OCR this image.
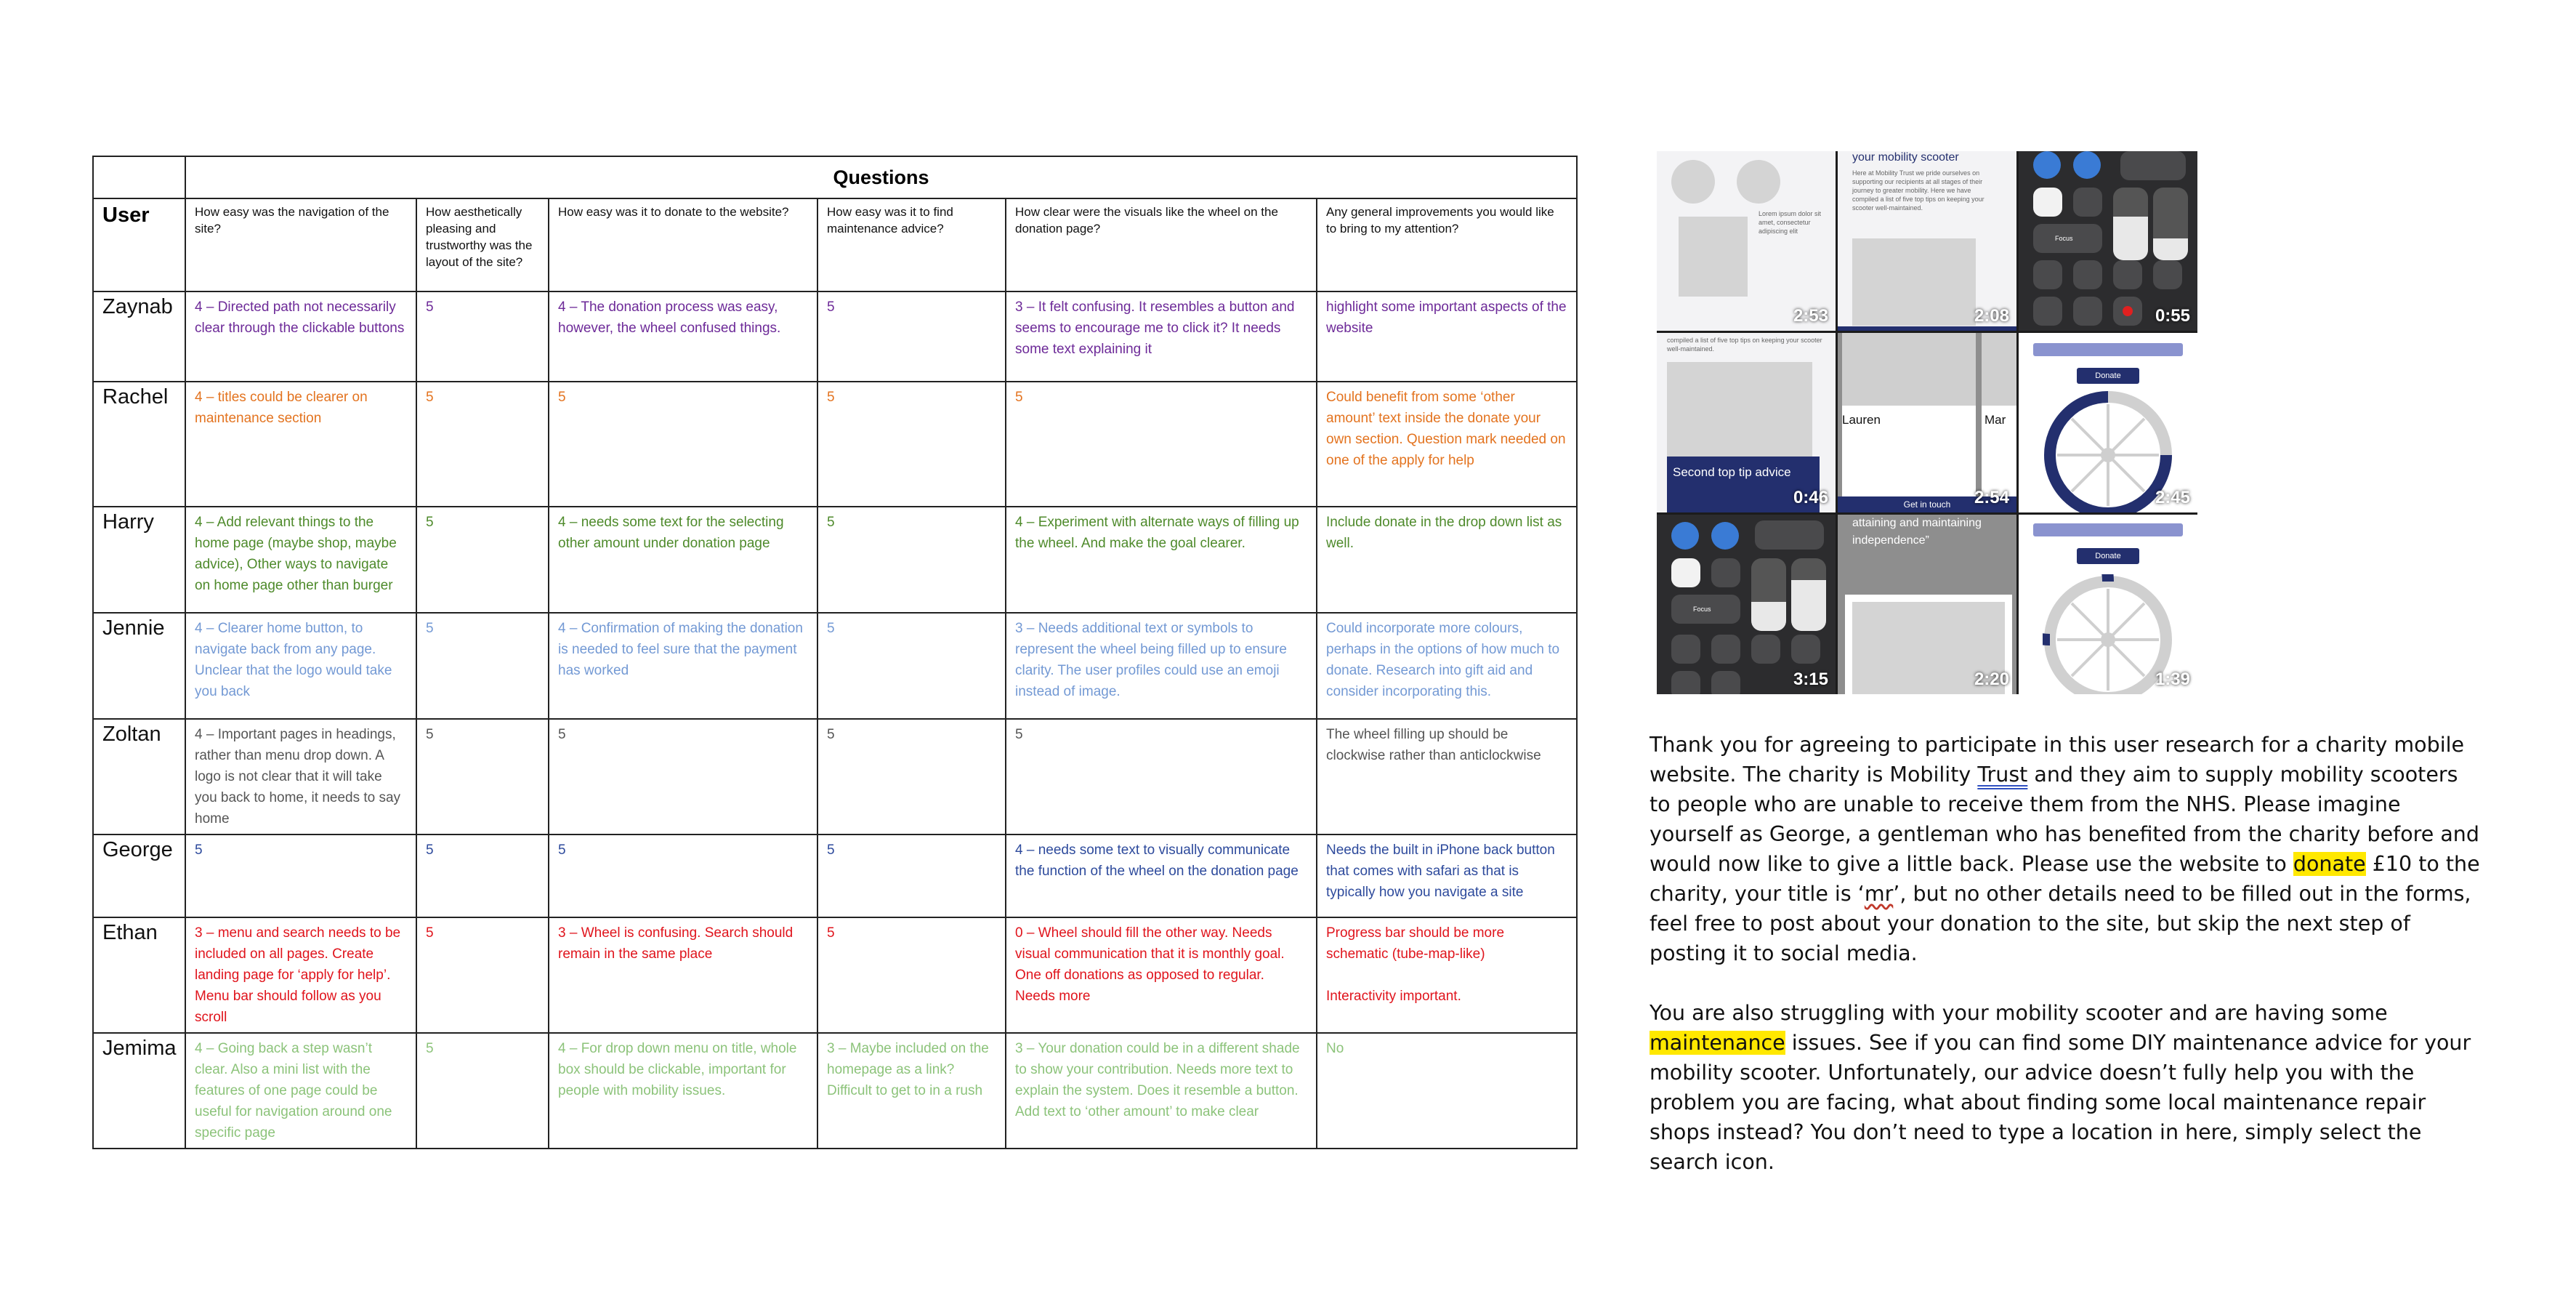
	Questions					
User	How easy was the navigation of the site?	How aesthetically pleasing and trustworthy was the layout of the site?	How easy was it to donate to the website?	How easy was it to find maintenance advice?	How clear were the visuals like the wheel on the donation page?	Any general improvements you would like to bring to my attention?
Zaynab	4 – Directed path not necessarily clear through the clickable buttons	5	4 – The donation process was easy, however, the wheel confused things.	5	3 – It felt confusing. It resembles a button and seems to encourage me to click it? It needs some text explaining it	highlight some important aspects of the website
Rachel	4 – titles could be clearer on maintenance section	5	5	5	5	Could benefit from some ‘other amount’ text inside the donate your own section. Question mark needed on one of the apply for help
Harry	4 – Add relevant things to the home page (maybe shop, maybe advice), Other ways to navigate on home page other than burger	5	4 – needs some text for the selecting other amount under donation page	5	4 – Experiment with alternate ways of filling up the wheel. And make the goal clearer.	Include donate in the drop down list as well.
Jennie	4 – Clearer home button, to navigate back from any page. Unclear that the logo would take you back	5	4 – Confirmation of making the donation is needed to feel sure that the payment has worked	5	3 – Needs additional text or symbols to represent the wheel being filled up to ensure clarity. The user profiles could use an emoji instead of image.	Could incorporate more colours, perhaps in the options of how much to donate. Research into gift aid and consider incorporating this.
Zoltan	4 – Important pages in headings, rather than menu drop down. A logo is not clear that it will take you back to home, it needs to say home	5	5	5	5	The wheel filling up should be clockwise rather than anticlockwise
George	5	5	5	5	4 – needs some text to visually communicate the function of the wheel on the donation page	Needs the built in iPhone back button that comes with safari as that is typically how you navigate a site
Ethan	3 – menu and search needs to be included on all pages. Create landing page for ‘apply for help’. Menu bar should follow as you scroll	5	3 – Wheel is confusing. Search should remain in the same place	5	0 – Wheel should fill the other way. Needs visual communication that it is monthly goal. One off donations as opposed to regular. Needs more	Progress bar should be more schematic (tube-map-like)

Interactivity important.
Jemima	4 – Going back a step wasn’t clear. Also a mini list with the features of one page could be useful for navigation around one specific page	5	4 – For drop down menu on title, whole box should be clickable, important for people with mobility issues.	3 – Maybe included on the homepage as a link? Difficult to get to in a rush	3 – Your donation could be in a different shade to show your contribution. Needs more text to explain the system. Does it resemble a button. Add text to ‘other amount’ to make clear	No
Lorem ipsum dolor sit amet, consectetur adipiscing elit
2:53
your mobility scooter
Here at Mobility Trust we pride ourselves on supporting our recipients at all stages of their journey to greater mobility. Here we have compiled a list of five top tips on keeping your scooter well-maintained.
2:08
Focus
0:55
compiled a list of five top tips on keeping your scooter well-maintained.
Second top tip advice
0:46
Lauren	Mar
Get in touch	2:54
Donate
2:45
Focus
3:15
attaining and maintaining independence”
2:20
Donate
1:39

Thank you for agreeing to participate in this user research for a charity mobile website. The charity is Mobility Trust and they aim to supply mobility scooters to people who are unable to receive them from the NHS. Please imagine yourself as George, a gentleman who has benefited from the charity before and would now like to give a little back. Please use the website to donate £10 to the charity, your title is ‘mr’, but no other details need to be filled out in the forms, feel free to post about your donation to the site, but skip the next step of posting it to social media.

You are also struggling with your mobility scooter and are having some maintenance issues. See if you can find some DIY maintenance advice for your mobility scooter. Unfortunately, our advice doesn’t fully help you with the problem you are facing, what about finding some local maintenance repair shops instead? You don’t need to type a location in here, simply select the search icon.
